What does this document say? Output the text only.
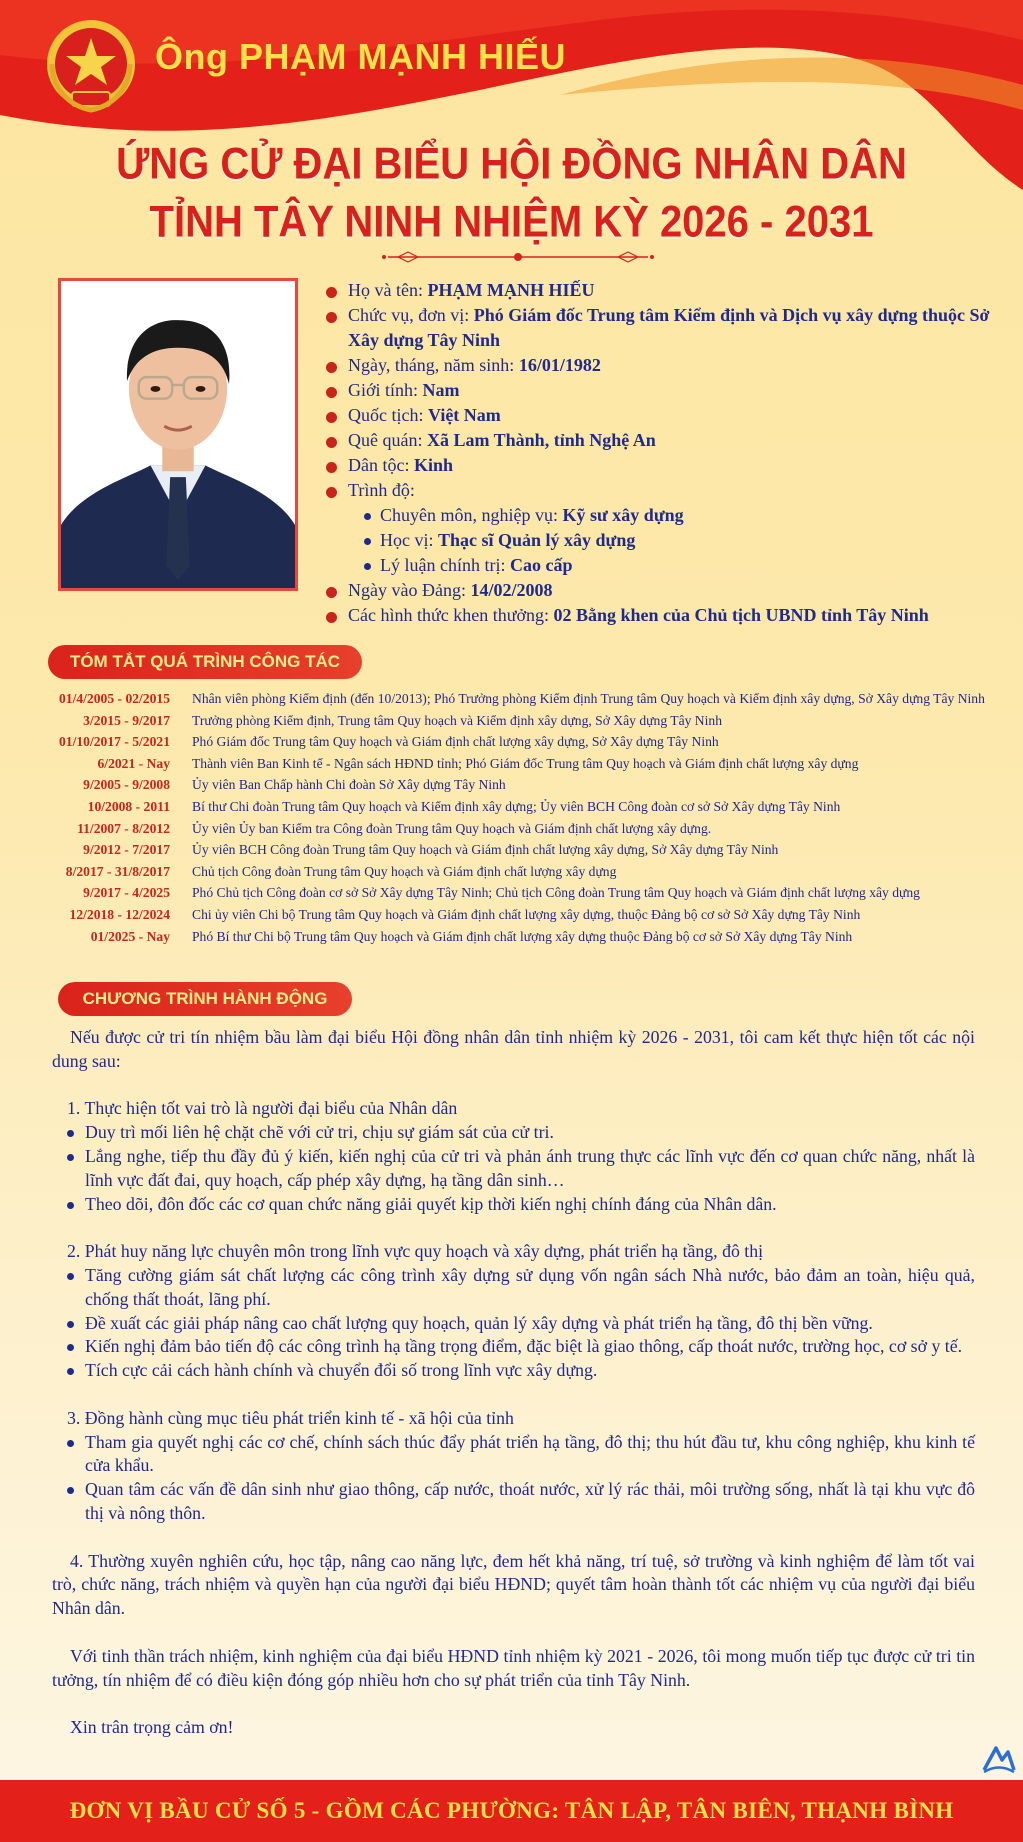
Ông PHẠM MẠNH HIẾU
ỨNG CỬ ĐẠI BIỂU HỘI ĐỒNG NHÂN DÂN
TỈNH TÂY NINH NHIỆM KỲ 2026 - 2031
Họ và tên: PHẠM MẠNH HIẾU
Chức vụ, đơn vị: Phó Giám đốc Trung tâm Kiểm định và Dịch vụ xây dựng thuộc Sở Xây dựng Tây Ninh
Ngày, tháng, năm sinh: 16/01/1982
Giới tính: Nam
Quốc tịch: Việt Nam
Quê quán: Xã Lam Thành, tỉnh Nghệ An
Dân tộc: Kinh
Trình độ:
Chuyên môn, nghiệp vụ: Kỹ sư xây dựng
Học vị: Thạc sĩ Quản lý xây dựng
Lý luận chính trị: Cao cấp
Ngày vào Đảng: 14/02/2008
Các hình thức khen thưởng: 02 Bằng khen của Chủ tịch UBND tỉnh Tây Ninh
TÓM TẮT QUÁ TRÌNH CÔNG TÁC
01/4/2005 - 02/2015 Nhân viên phòng Kiểm định (đến 10/2013); Phó Trưởng phòng Kiểm định Trung tâm Quy hoạch và Kiểm định xây dựng, Sở Xây dựng Tây Ninh
3/2015 - 9/2017 Trưởng phòng Kiểm định, Trung tâm Quy hoạch và Kiểm định xây dựng, Sở Xây dựng Tây Ninh
01/10/2017 - 5/2021 Phó Giám đốc Trung tâm Quy hoạch và Giám định chất lượng xây dựng, Sở Xây dựng Tây Ninh
6/2021 - Nay Thành viên Ban Kinh tế - Ngân sách HĐND tỉnh; Phó Giám đốc Trung tâm Quy hoạch và Giám định chất lượng xây dựng
9/2005 - 9/2008 Ủy viên Ban Chấp hành Chi đoàn Sở Xây dựng Tây Ninh
10/2008 - 2011 Bí thư Chi đoàn Trung tâm Quy hoạch và Kiểm định xây dựng; Ủy viên BCH Công đoàn cơ sở Sở Xây dựng Tây Ninh
11/2007 - 8/2012 Ủy viên Ủy ban Kiểm tra Công đoàn Trung tâm Quy hoạch và Giám định chất lượng xây dựng.
9/2012 - 7/2017 Ủy viên BCH Công đoàn Trung tâm Quy hoạch và Giám định chất lượng xây dựng, Sở Xây dựng Tây Ninh
8/2017 - 31/8/2017 Chủ tịch Công đoàn Trung tâm Quy hoạch và Giám định chất lượng xây dựng
9/2017 - 4/2025 Phó Chủ tịch Công đoàn cơ sở Sở Xây dựng Tây Ninh; Chủ tịch Công đoàn Trung tâm Quy hoạch và Giám định chất lượng xây dựng
12/2018 - 12/2024 Chi ủy viên Chi bộ Trung tâm Quy hoạch và Giám định chất lượng xây dựng, thuộc Đảng bộ cơ sở Sở Xây dựng Tây Ninh
01/2025 - Nay Phó Bí thư Chi bộ Trung tâm Quy hoạch và Giám định chất lượng xây dựng thuộc Đảng bộ cơ sở Sở Xây dựng Tây Ninh
CHƯƠNG TRÌNH HÀNH ĐỘNG

Nếu được cử tri tín nhiệm bầu làm đại biểu Hội đồng nhân dân tỉnh nhiệm kỳ 2026 - 2031, tôi cam kết thực hiện tốt các nội dung sau:

1. Thực hiện tốt vai trò là người đại biểu của Nhân dân

Duy trì mối liên hệ chặt chẽ với cử tri, chịu sự giám sát của cử tri.

Lắng nghe, tiếp thu đầy đủ ý kiến, kiến nghị của cử tri và phản ánh trung thực các lĩnh vực đến cơ quan chức năng, nhất là lĩnh vực đất đai, quy hoạch, cấp phép xây dựng, hạ tầng dân sinh…

Theo dõi, đôn đốc các cơ quan chức năng giải quyết kịp thời kiến nghị chính đáng của Nhân dân.

2. Phát huy năng lực chuyên môn trong lĩnh vực quy hoạch và xây dựng, phát triển hạ tầng, đô thị

Tăng cường giám sát chất lượng các công trình xây dựng sử dụng vốn ngân sách Nhà nước, bảo đảm an toàn, hiệu quả, chống thất thoát, lãng phí.

Đề xuất các giải pháp nâng cao chất lượng quy hoạch, quản lý xây dựng và phát triển hạ tầng, đô thị bền vững.

Kiến nghị đảm bảo tiến độ các công trình hạ tầng trọng điểm, đặc biệt là giao thông, cấp thoát nước, trường học, cơ sở y tế.

Tích cực cải cách hành chính và chuyển đổi số trong lĩnh vực xây dựng.

3. Đồng hành cùng mục tiêu phát triển kinh tế - xã hội của tỉnh

Tham gia quyết nghị các cơ chế, chính sách thúc đẩy phát triển hạ tầng, đô thị; thu hút đầu tư, khu công nghiệp, khu kinh tế cửa khẩu.

Quan tâm các vấn đề dân sinh như giao thông, cấp nước, thoát nước, xử lý rác thải, môi trường sống, nhất là tại khu vực đô thị và nông thôn.

4. Thường xuyên nghiên cứu, học tập, nâng cao năng lực, đem hết khả năng, trí tuệ, sở trường và kinh nghiệm để làm tốt vai trò, chức năng, trách nhiệm và quyền hạn của người đại biểu HĐND; quyết tâm hoàn thành tốt các nhiệm vụ của người đại biểu Nhân dân.

Với tinh thần trách nhiệm, kinh nghiệm của đại biểu HĐND tỉnh nhiệm kỳ 2021 - 2026, tôi mong muốn tiếp tục được cử tri tin tưởng, tín nhiệm để có điều kiện đóng góp nhiều hơn cho sự phát triển của tỉnh Tây Ninh.

Xin trân trọng cảm ơn!

ĐƠN VỊ BẦU CỬ SỐ 5 - GỒM CÁC PHƯỜNG: TÂN LẬP, TÂN BIÊN, THẠNH BÌNH
